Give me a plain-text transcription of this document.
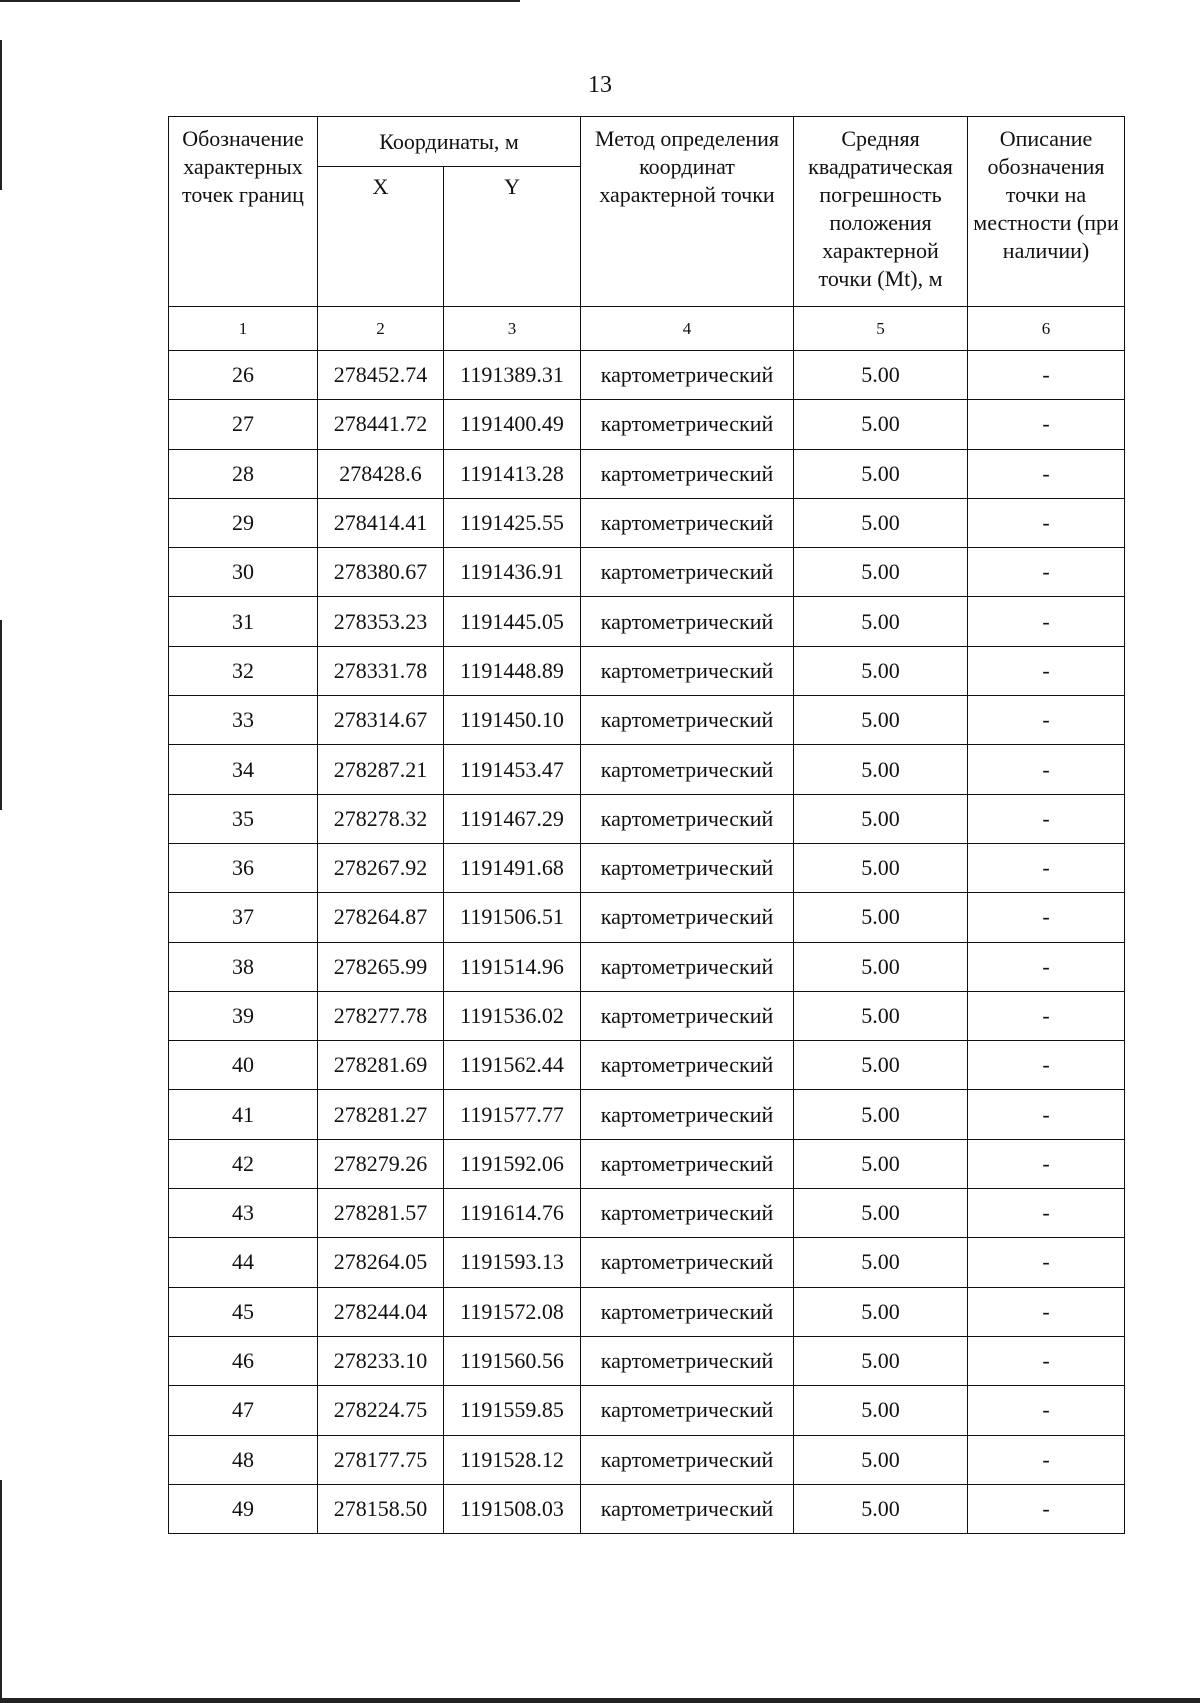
13
Обозначение характерных точек границ	Координаты, м		Метод определения координат характерной точки	Средняя квадратическая погрешность положения характерной точки (Mt), м	Описание обозначения точки на местности (при наличии)
	X	Y			
1	2	3	4	5	6
26	278452.74	1191389.31	картометрический	5.00	-
27	278441.72	1191400.49	картометрический	5.00	-
28	278428.6	1191413.28	картометрический	5.00	-
29	278414.41	1191425.55	картометрический	5.00	-
30	278380.67	1191436.91	картометрический	5.00	-
31	278353.23	1191445.05	картометрический	5.00	-
32	278331.78	1191448.89	картометрический	5.00	-
33	278314.67	1191450.10	картометрический	5.00	-
34	278287.21	1191453.47	картометрический	5.00	-
35	278278.32	1191467.29	картометрический	5.00	-
36	278267.92	1191491.68	картометрический	5.00	-
37	278264.87	1191506.51	картометрический	5.00	-
38	278265.99	1191514.96	картометрический	5.00	-
39	278277.78	1191536.02	картометрический	5.00	-
40	278281.69	1191562.44	картометрический	5.00	-
41	278281.27	1191577.77	картометрический	5.00	-
42	278279.26	1191592.06	картометрический	5.00	-
43	278281.57	1191614.76	картометрический	5.00	-
44	278264.05	1191593.13	картометрический	5.00	-
45	278244.04	1191572.08	картометрический	5.00	-
46	278233.10	1191560.56	картометрический	5.00	-
47	278224.75	1191559.85	картометрический	5.00	-
48	278177.75	1191528.12	картометрический	5.00	-
49	278158.50	1191508.03	картометрический	5.00	-
